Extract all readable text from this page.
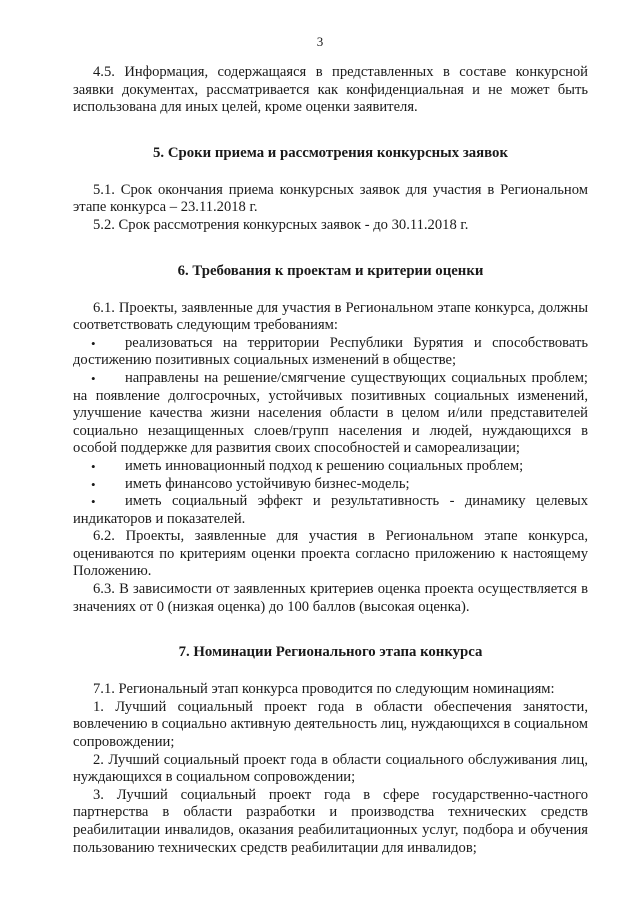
3

4.5. Информация, содержащаяся в представленных в составе конкурсной заявки документах, рассматривается как конфиденциальная и не может быть использована для иных целей, кроме оценки заявителя.

5. Сроки приема и рассмотрения конкурсных заявок

5.1. Срок окончания приема конкурсных заявок для участия в Региональном этапе конкурса – 23.11.2018 г.

5.2. Срок рассмотрения конкурсных заявок - до 30.11.2018 г.

6. Требования к проектам и критерии оценки

6.1. Проекты, заявленные для участия в Региональном этапе конкурса, должны соответствовать следующим требованиям:

• реализоваться на территории Республики Бурятия и способствовать достижению позитивных социальных изменений в обществе;

• направлены на решение/смягчение существующих социальных проблем; на появление долгосрочных, устойчивых позитивных социальных изменений, улучшение качества жизни населения области в целом и/или представителей социально незащищенных слоев/групп населения и людей, нуждающихся в особой поддержке для развития своих способностей и самореализации;

• иметь инновационный подход к решению социальных проблем;

• иметь финансово устойчивую бизнес-модель;

• иметь социальный эффект и результативность - динамику целевых индикаторов и показателей.

6.2. Проекты, заявленные для участия в Региональном этапе конкурса, оцениваются по критериям оценки проекта согласно приложению к настоящему Положению.

6.3. В зависимости от заявленных критериев оценка проекта осуществляется в значениях от 0 (низкая оценка) до 100 баллов (высокая оценка).

7. Номинации Регионального этапа конкурса

7.1. Региональный этап конкурса проводится по следующим номинациям:

1. Лучший социальный проект года в области обеспечения занятости, вовлечению в социально активную деятельность лиц, нуждающихся в социальном сопровождении;

2. Лучший социальный проект года в области социального обслуживания лиц, нуждающихся в социальном сопровождении;

3. Лучший социальный проект года в сфере государственно-частного партнерства в области разработки и производства технических средств реабилитации инвалидов, оказания реабилитационных услуг, подбора и обучения пользованию технических средств реабилитации для инвалидов;
